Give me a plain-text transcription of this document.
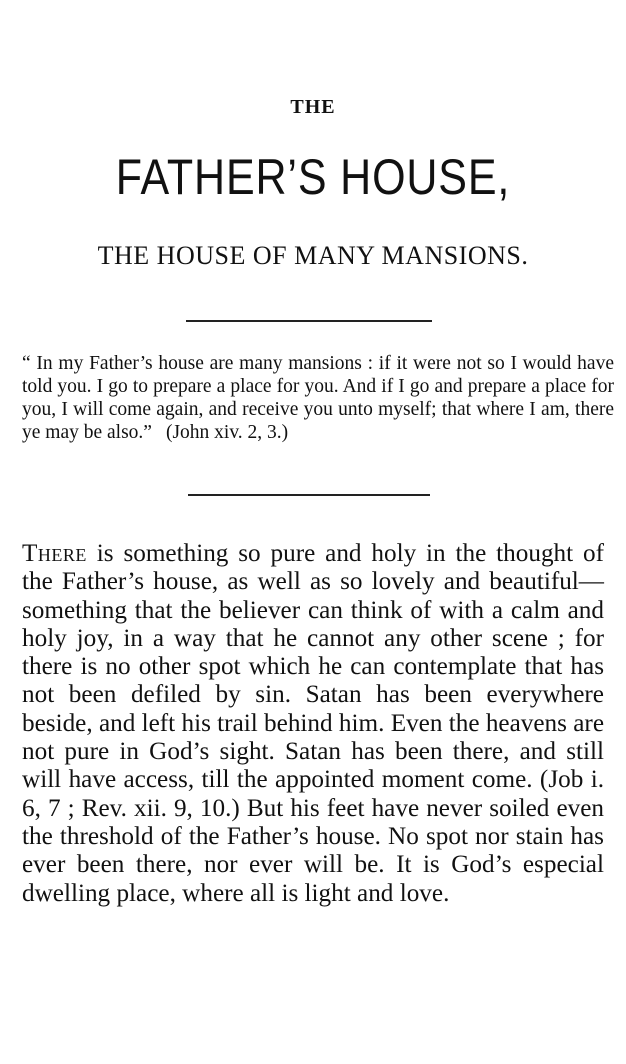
THE
FATHER’S HOUSE,
THE HOUSE OF MANY MANSIONS.
“ In my Father’s house are many mansions : if it were not so I would have told you. I go to prepare a place for you. And if I go and prepare a place for you, I will come again, and receive you unto myself; that where I am, there ye may be also.” (John xiv. 2, 3.)
There is something so pure and holy in the thought of the Father’s house, as well as so lovely and beautiful—something that the believer can think of with a calm and holy joy, in a way that he cannot any other scene ; for there is no other spot which he can contemplate that has not been defiled by sin. Satan has been everywhere beside, and left his trail behind him. Even the heavens are not pure in God’s sight. Satan has been there, and still will have access, till the appointed moment come. (Job i. 6, 7 ; Rev. xii. 9, 10.) But his feet have never soiled even the threshold of the Father’s house. No spot nor stain has ever been there, nor ever will be. It is God’s especial dwelling place, where all is light and love.
